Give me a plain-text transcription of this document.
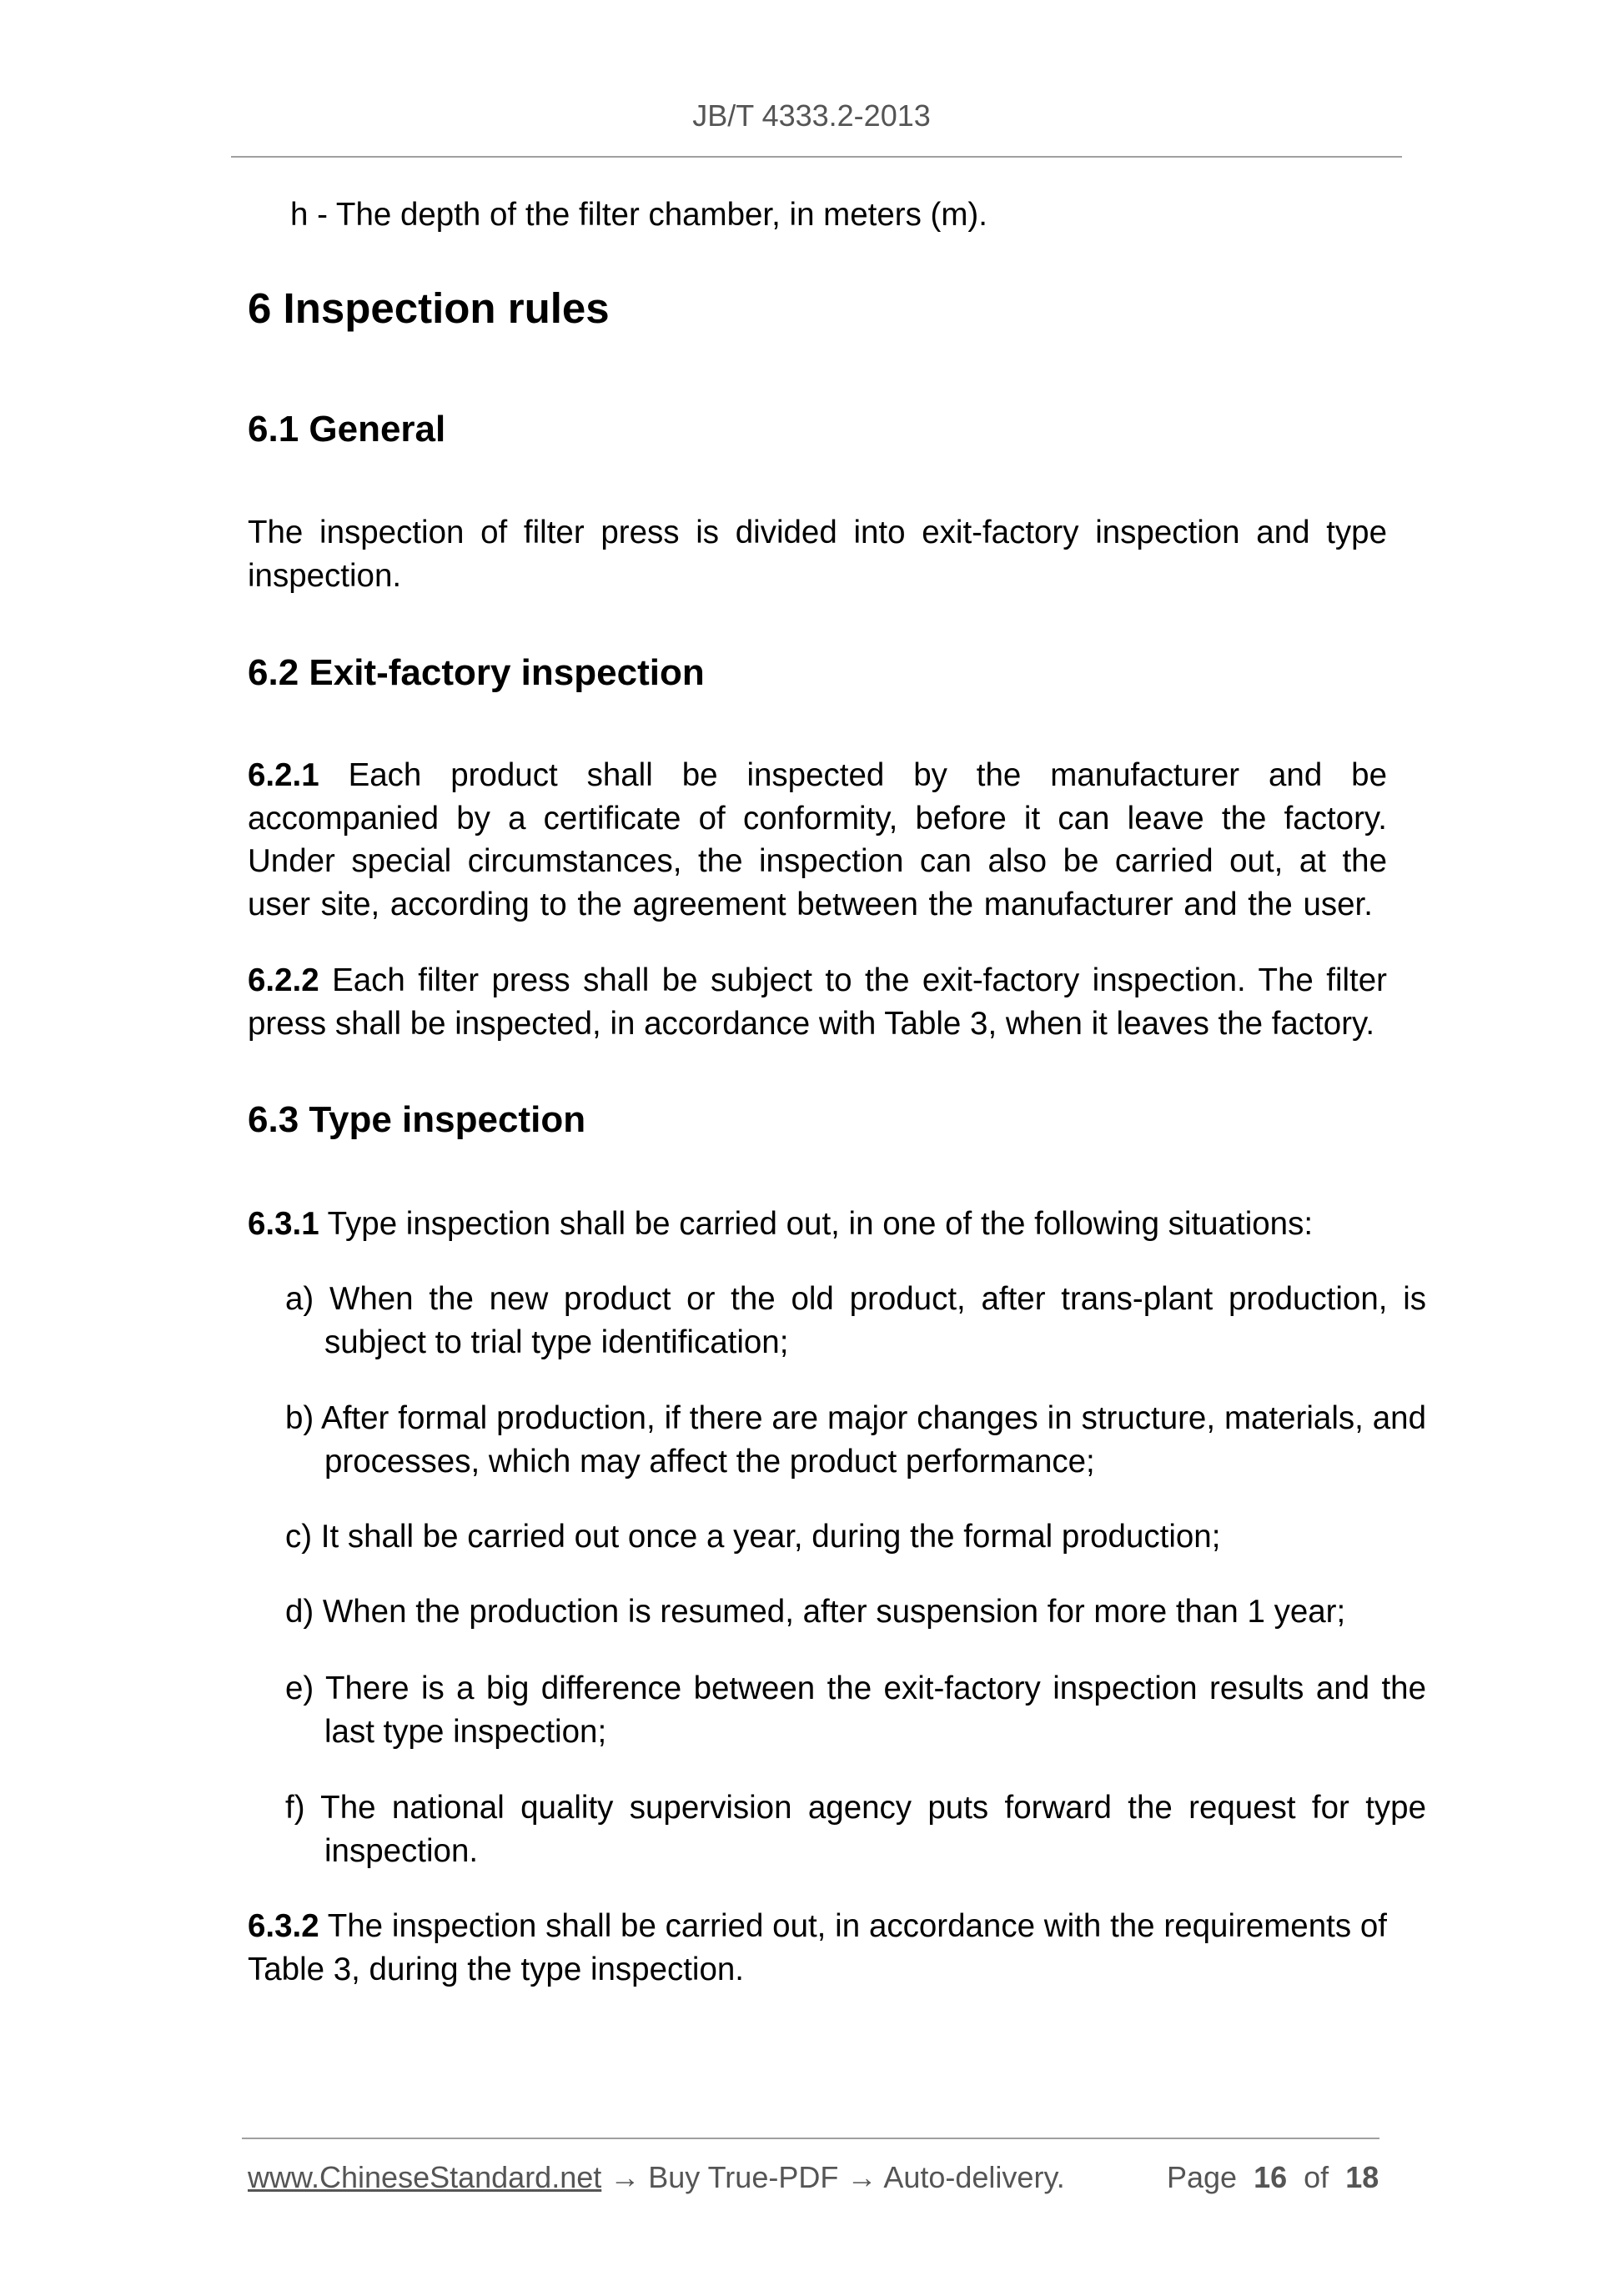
JB/T 4333.2-2013
h - The depth of the filter chamber, in meters (m).
6 Inspection rules
6.1 General
The inspection of filter press is divided into exit-factory inspection and type inspection.
6.2 Exit-factory inspection
6.2.1 Each product shall be inspected by the manufacturer and be accompanied by a certificate of conformity, before it can leave the factory. Under special circumstances, the inspection can also be carried out, at the user site, according to the agreement between the manufacturer and the user.
6.2.2 Each filter press shall be subject to the exit-factory inspection. The filter press shall be inspected, in accordance with Table 3, when it leaves the factory.
6.3 Type inspection
6.3.1 Type inspection shall be carried out, in one of the following situations:
a) When the new product or the old product, after trans-plant production, is subject to trial type identification;
b) After formal production, if there are major changes in structure, materials, and processes, which may affect the product performance;
c) It shall be carried out once a year, during the formal production;
d) When the production is resumed, after suspension for more than 1 year;
e) There is a big difference between the exit-factory inspection results and the last type inspection;
f) The national quality supervision agency puts forward the request for type inspection.
6.3.2 The inspection shall be carried out, in accordance with the requirements of Table 3, during the type inspection.
www.ChineseStandard.net → Buy True-PDF → Auto-delivery.	Page 16 of 18
